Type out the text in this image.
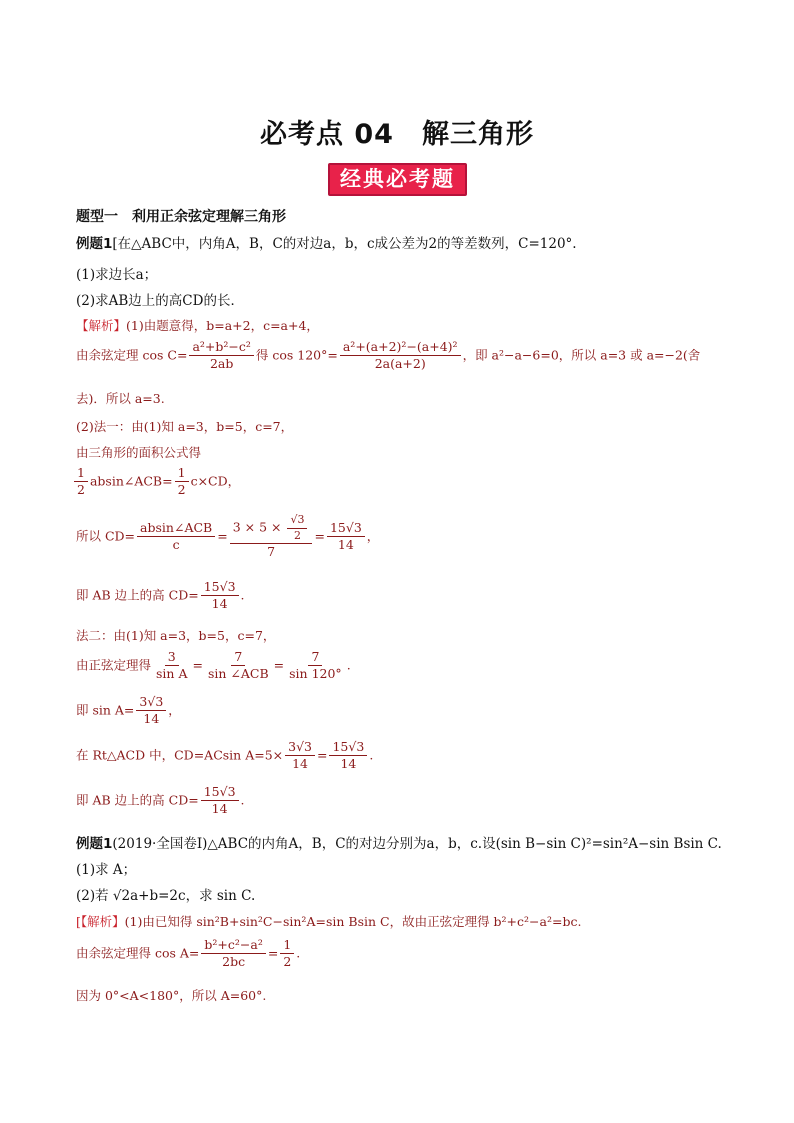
必考点 04　解三角形
经典必考题
题型一　利用正余弦定理解三角形
例题1[在△ABC中，内角A，B，C的对边a，b，c成公差为2的等差数列，C=120°.
(1)求边长a；
(2)求AB边上的高CD的长．
【解析】(1)由题意得，b=a+2，c=a+4，
由余弦定理 $\cos C= \frac{\text{a²+b²−c²}}{2ab}$ 得 $\cos 120^\circ= \frac{\text{a²+(a+2)²−(a+4)²}}{2a(a+2)}$ ，即 a²−a−6=0，所以 a=3 或 a=−2(舍
去)．所以 a=3.
(2)法一：由(1)知 a=3，b=5，c=7，
由三角形的面积公式得
$\frac{1}{2}$ absin∠ACB= $\frac{1}{2} c\times CD$，
所以 $CD= \frac{\text{absin∠ACB}}{c} = \frac{3 \times 5 \times \frac{√3}{2}}{7} = \frac{15√3}{14}$ ，
即 AB 边上的高 $CD= \frac{15√3}{14}$ .
法二：由(1)知 a=3，b=5，c=7，
由正弦定理得 $\frac{3}{\text{sin A}} = \frac{7}{\text{sin ∠ACB}} = \frac{7}{\sin 120^\circ}$ .
即 $\sin A= \frac{3√3}{14}$ ，
在 Rt△ACD 中，CD=ACsin $A=5\times \frac{3√3}{14} = \frac{15√3}{14}$ .
即 AB 边上的高 $CD= \frac{15√3}{14}$ .
例题1(2019·全国卷Ⅰ)△ABC的内角A，B，C的对边分别为a，b，c.设(sin B−sin C)²=sin²A−sin Bsin C.
(1)求 A；
(2)若 √2a+b=2c，求 sin C.
[【解析】(1)由已知得 sin²B+sin²C−sin²A=sin Bsin C，故由正弦定理得 b²+c²−a²=bc.
由余弦定理得 $\cos A= \frac{\text{b²+c²−a²}}{2bc} = \frac{1}{2}$ .
因为 0°<A<180°，所以 A=60°.
